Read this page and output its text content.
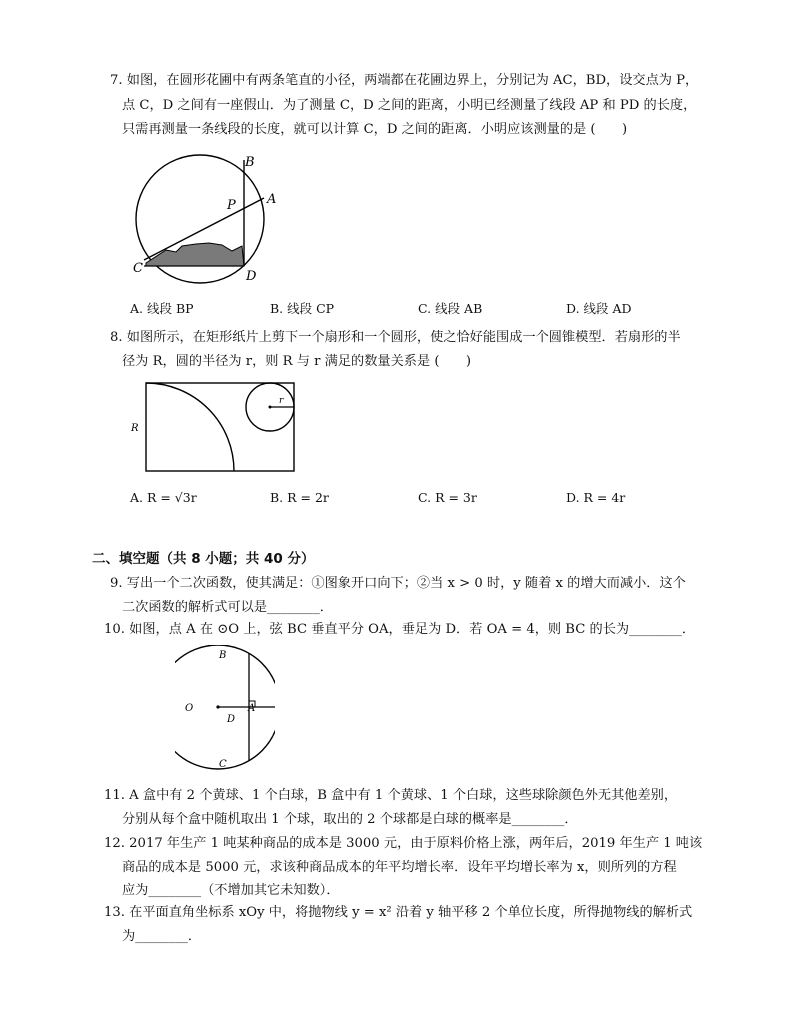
7. 如图，在圆形花圃中有两条笔直的小径，两端都在花圃边界上，分别记为 AC，BD，设交点为 P，
点 C，D 之间有一座假山．为了测量 C，D 之间的距离，小明已经测量了线段 AP 和 PD 的长度，
只需再测量一条线段的长度，就可以计算 C，D 之间的距离．小明应该测量的是 (　　)
B
A
P
C
D
A. 线段 BP	B. 线段 CP	C. 线段 AB	D. 线段 AD
8. 如图所示，在矩形纸片上剪下一个扇形和一个圆形，使之恰好能围成一个圆锥模型．若扇形的半
径为 R，圆的半径为 r，则 R 与 r 满足的数量关系是 (　　)
R
r
A. R = √3r	B. R = 2r	C. R = 3r	D. R = 4r
二、填空题（共 8 小题；共 40 分）
9. 写出一个二次函数，使其满足：①图象开口向下；②当 x > 0 时，y 随着 x 的增大而减小．这个
二次函数的解析式可以是________．
10. 如图，点 A 在 ⊙O 上，弦 BC 垂直平分 OA，垂足为 D．若 OA = 4，则 BC 的长为________．
B
O
D
A
C
11. A 盒中有 2 个黄球、1 个白球，B 盒中有 1 个黄球、1 个白球，这些球除颜色外无其他差别，
分别从每个盒中随机取出 1 个球，取出的 2 个球都是白球的概率是________．
12. 2017 年生产 1 吨某种商品的成本是 3000 元，由于原料价格上涨，两年后，2019 年生产 1 吨该
商品的成本是 5000 元，求该种商品成本的年平均增长率．设年平均增长率为 x，则所列的方程
应为________（不增加其它未知数）．
13. 在平面直角坐标系 xOy 中，将抛物线 y = x² 沿着 y 轴平移 2 个单位长度，所得抛物线的解析式
为________．
